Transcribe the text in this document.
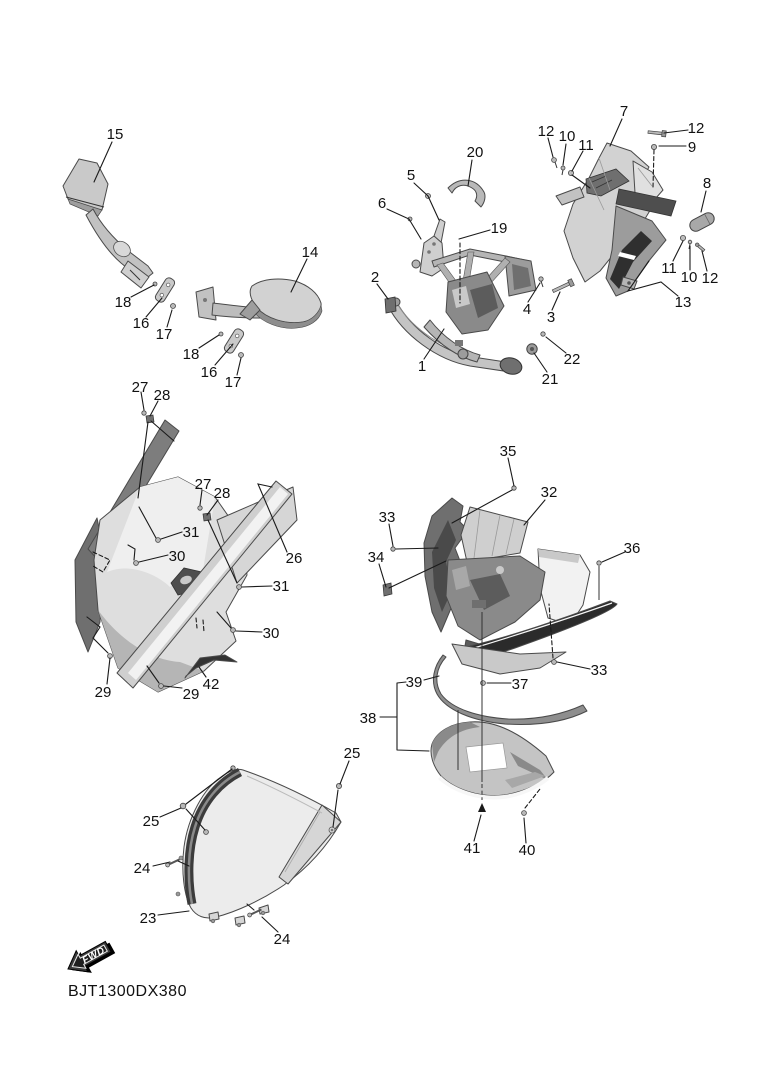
15
14
18
16
17
18
16
17
5
6
20
19
2
4 3
1
21
22
7
12 10
11
12
9
8
11
10 12
13
27 28
27
28
31
30	26
31
30
42
29	29
35
32
33
34
36
33
37
39
38
41	40
25
25
24
23
24
FWD
BJT1300DX380
